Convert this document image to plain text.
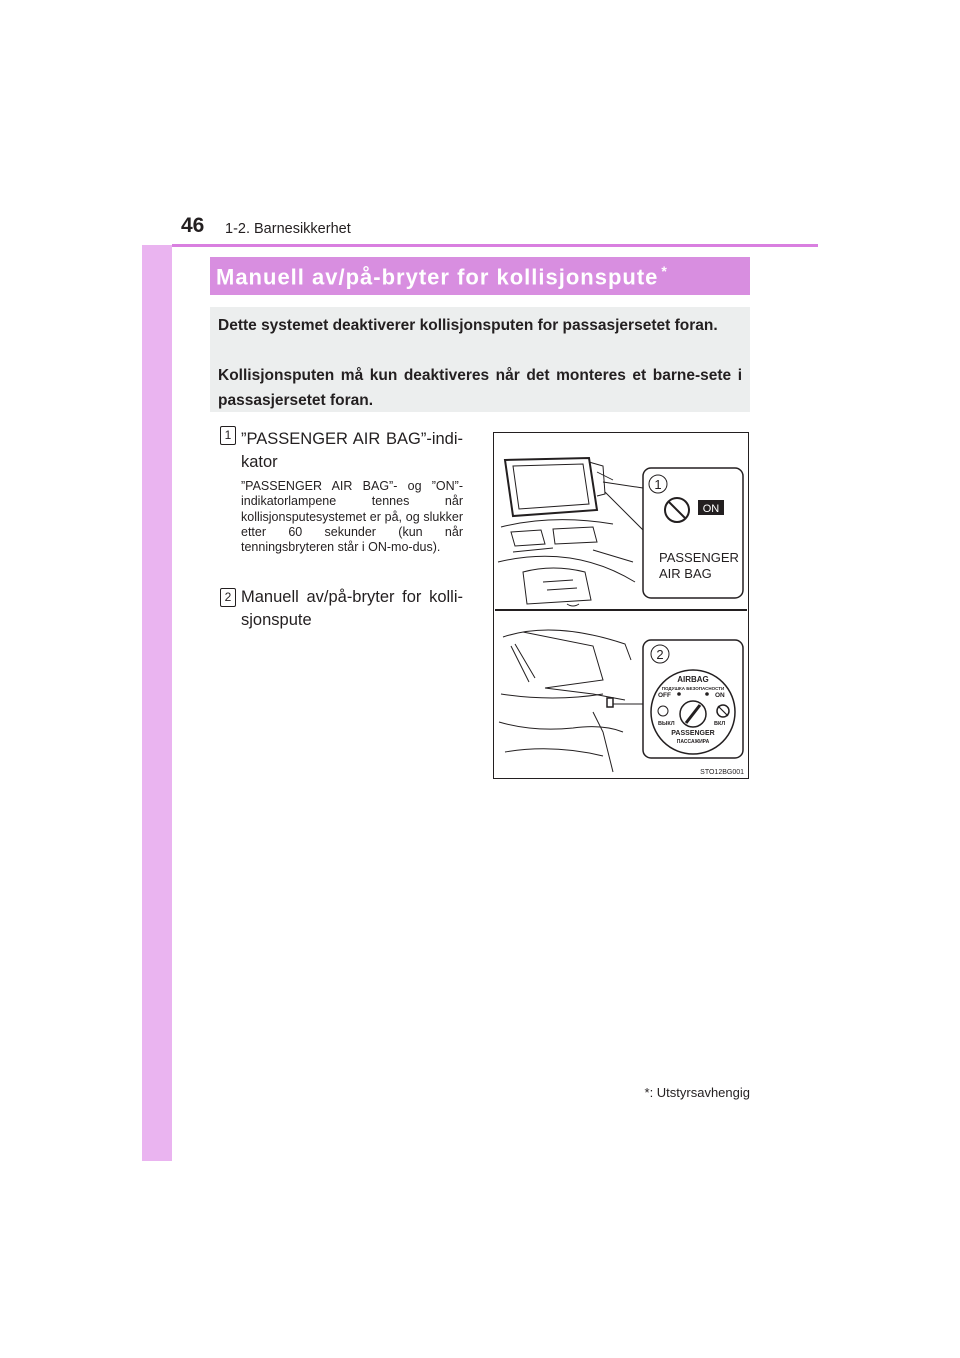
46 1-2. Barnesikkerhet
Manuell av/på-bryter for kollisjonspute *

Dette systemet deaktiverer kollisjonsputen for passasjersetet foran.

Kollisjonsputen må kun deaktiveres når det monteres et barne-sete i passasjersetet foran.

1 ”PASSENGER AIR BAG”-indi-kator

”PASSENGER AIR BAG”- og ”ON”-indikatorlampene tennes når kollisjonsputesystemet er på, og slukker etter 60 sekunder (kun når tenningsbryteren står i ON-mo-dus).

2 Manuell av/på-bryter for kolli-sjonspute

1
ON
PASSENGER
AIR BAG
2
AIRBAG
ПОДУШКА БЕЗОПАСНОСТИ
OFF	ON
ВЫКЛ	ВКЛ
PASSENGER
ПАССАЖИРА
STO12BG001
*: Utstyrsavhengig
